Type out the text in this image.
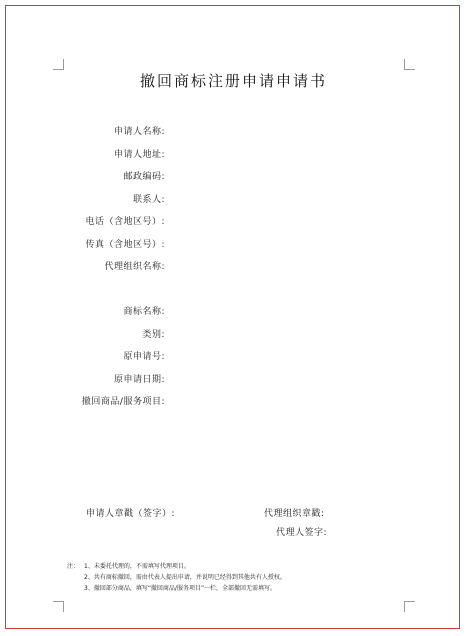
撤回商标注册申请申请书
申请人名称:
申请人地址:
邮政编码:
联系人:
电话（含地区号）:
传真（含地区号）:
代理组织名称:
商标名称:
类别:
原申请号:
原申请日期:
撤回商品/服务项目:
申请人章戳（签字）:	代理组织章戳:
代理人签字:
注： 1、未委托代理的，不需填写代理项目。
2、共有商标撤回，需由代表人提出申请，并说明已经得到其他共有人授权。
3、撤回部分商品，填写“撤回商品/服务项目”一栏，全部撤回无需填写。
